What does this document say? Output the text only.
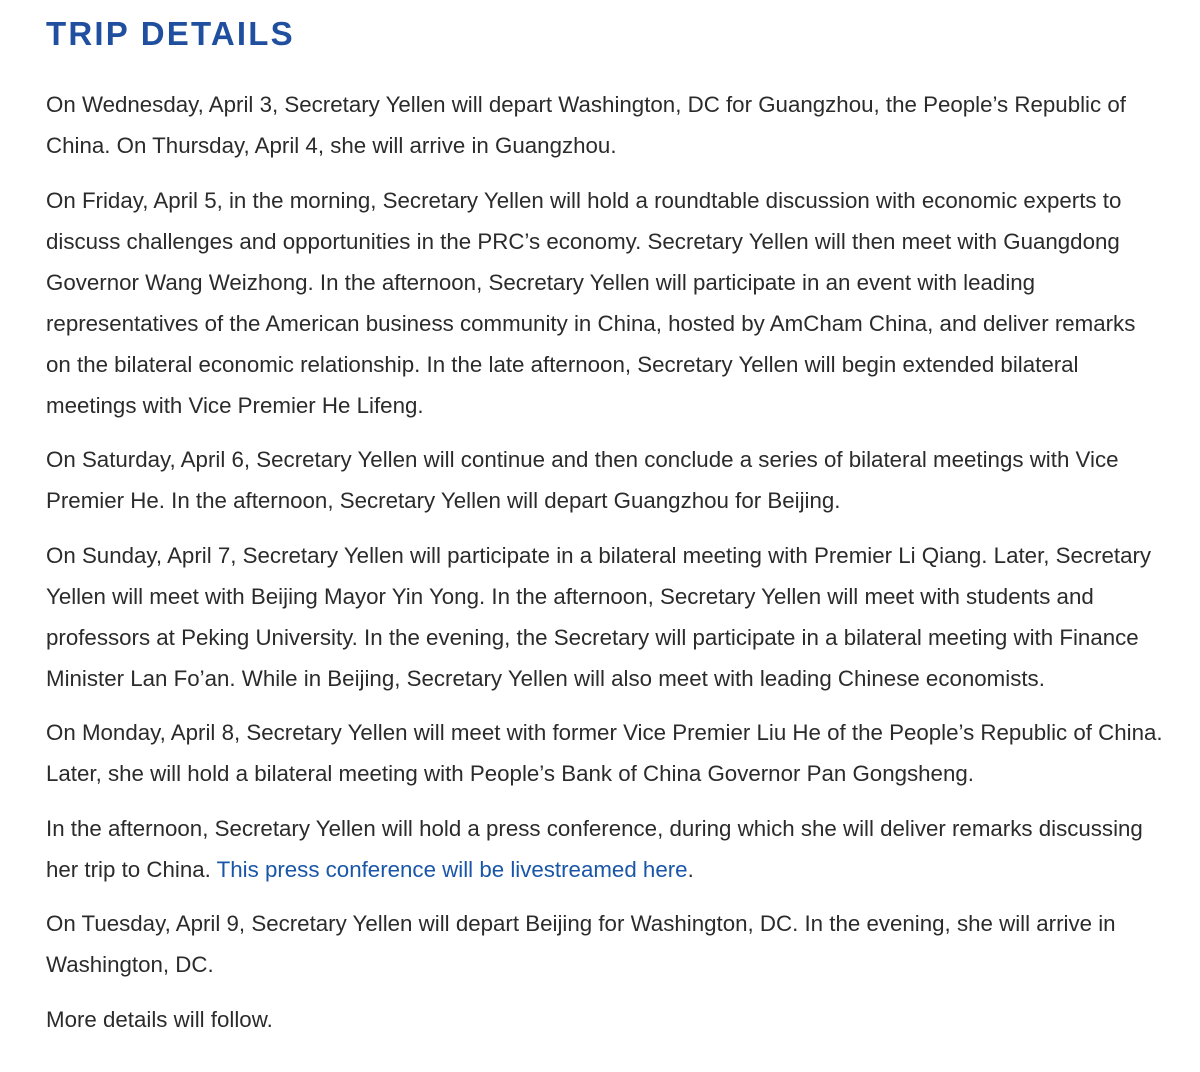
TRIP DETAILS

On Wednesday, April 3, Secretary Yellen will depart Washington, DC for Guangzhou, the People’s Republic of China. On Thursday, April 4, she will arrive in Guangzhou.

On Friday, April 5, in the morning, Secretary Yellen will hold a roundtable discussion with economic experts to discuss challenges and opportunities in the PRC’s economy. Secretary Yellen will then meet with Guangdong Governor Wang Weizhong. In the afternoon, Secretary Yellen will participate in an event with leading representatives of the American business community in China, hosted by AmCham China, and deliver remarks on the bilateral economic relationship. In the late afternoon, Secretary Yellen will begin extended bilateral meetings with Vice Premier He Lifeng.

On Saturday, April 6, Secretary Yellen will continue and then conclude a series of bilateral meetings with Vice Premier He. In the afternoon, Secretary Yellen will depart Guangzhou for Beijing.

On Sunday, April 7, Secretary Yellen will participate in a bilateral meeting with Premier Li Qiang. Later, Secretary Yellen will meet with Beijing Mayor Yin Yong. In the afternoon, Secretary Yellen will meet with students and professors at Peking University. In the evening, the Secretary will participate in a bilateral meeting with Finance Minister Lan Fo’an. While in Beijing, Secretary Yellen will also meet with leading Chinese economists.

On Monday, April 8, Secretary Yellen will meet with former Vice Premier Liu He of the People’s Republic of China. Later, she will hold a bilateral meeting with People’s Bank of China Governor Pan Gongsheng.

In the afternoon, Secretary Yellen will hold a press conference, during which she will deliver remarks discussing her trip to China. This press conference will be livestreamed here.

On Tuesday, April 9, Secretary Yellen will depart Beijing for Washington, DC. In the evening, she will arrive in Washington, DC.

More details will follow.
